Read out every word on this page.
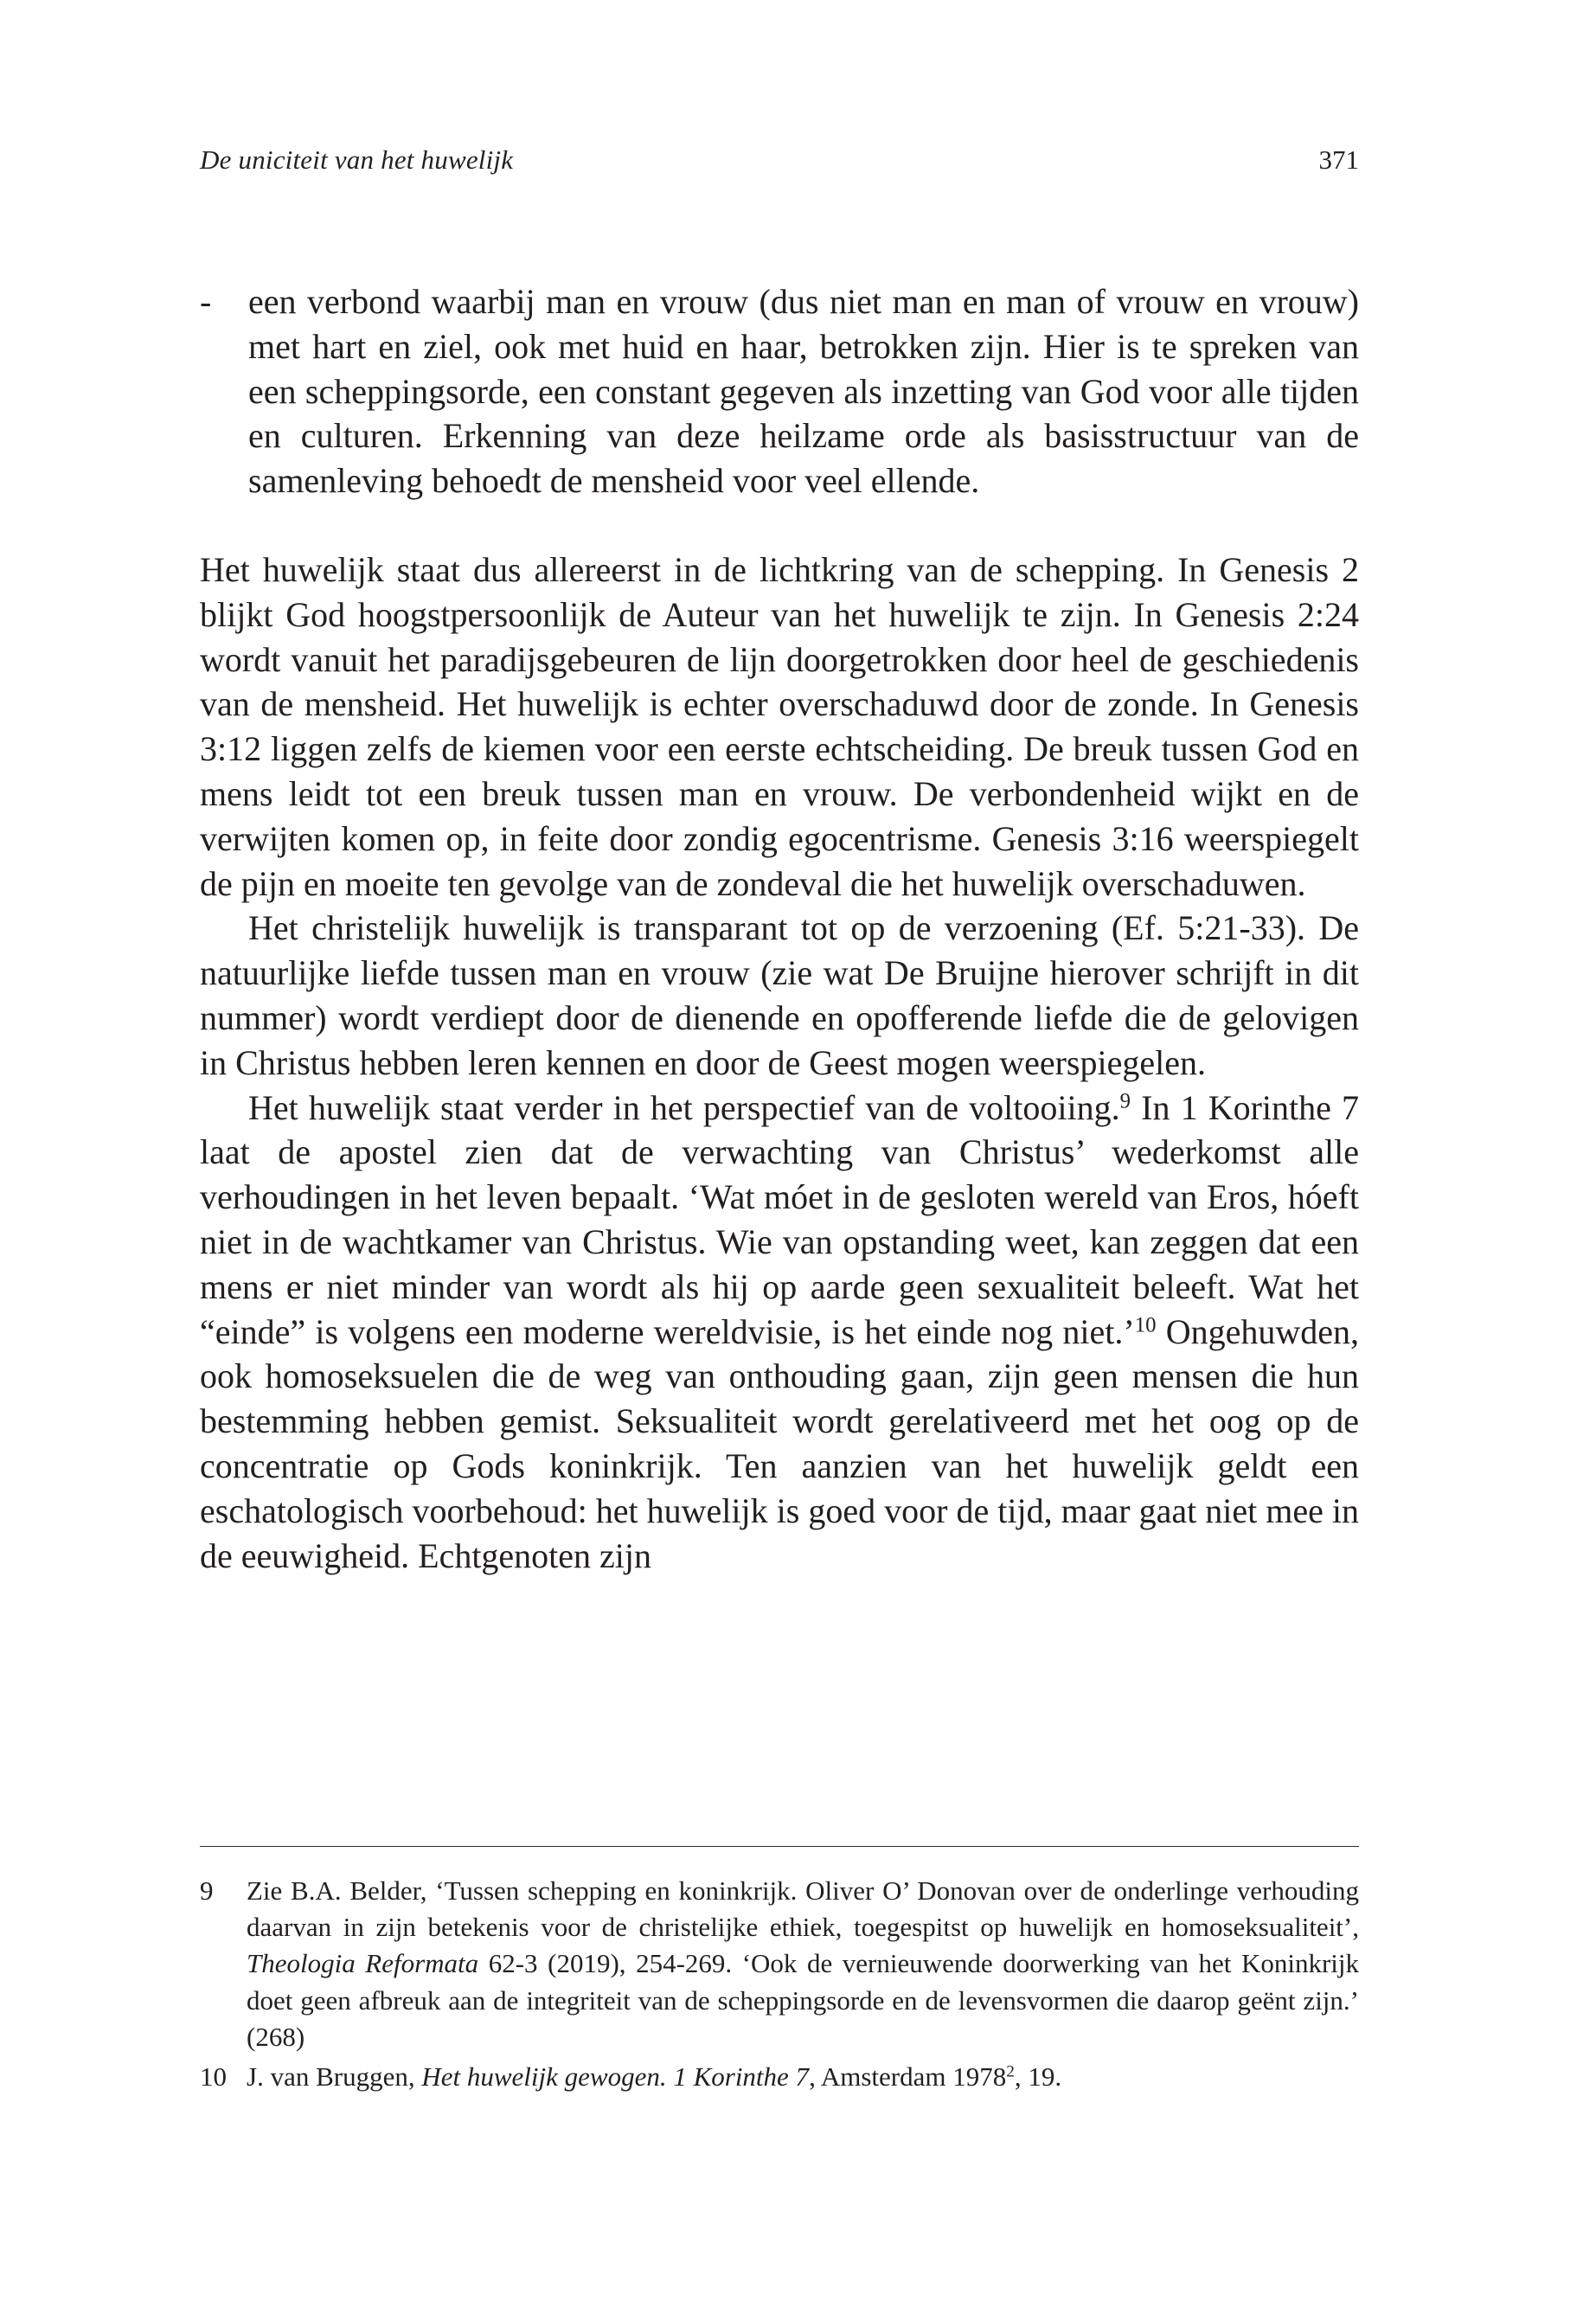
De uniciteit van het huwelijk	371

- een verbond waarbij man en vrouw (dus niet man en man of vrouw en vrouw) met hart en ziel, ook met huid en haar, betrokken zijn. Hier is te spreken van een scheppingsorde, een constant gegeven als inzetting van God voor alle tijden en culturen. Erkenning van deze heilzame orde als basisstructuur van de samenleving behoedt de mensheid voor veel ellende.

Het huwelijk staat dus allereerst in de lichtkring van de schepping. In Genesis 2 blijkt God hoogstpersoonlijk de Auteur van het huwelijk te zijn. In Genesis 2:24 wordt vanuit het paradijsgebeuren de lijn doorgetrokken door heel de geschiedenis van de mensheid. Het huwelijk is echter overschaduwd door de zonde. In Genesis 3:12 liggen zelfs de kiemen voor een eerste echtscheiding. De breuk tussen God en mens leidt tot een breuk tussen man en vrouw. De verbondenheid wijkt en de verwijten komen op, in feite door zondig egocentrisme. Genesis 3:16 weerspiegelt de pijn en moeite ten gevolge van de zondeval die het huwelijk overschaduwen.

Het christelijk huwelijk is transparant tot op de verzoening (Ef. 5:21-33). De natuurlijke liefde tussen man en vrouw (zie wat De Bruijne hierover schrijft in dit nummer) wordt verdiept door de dienende en opofferende liefde die de gelovigen in Christus hebben leren kennen en door de Geest mogen weerspiegelen.

Het huwelijk staat verder in het perspectief van de voltooiing.$^9$ In 1 Korinthe 7 laat de apostel zien dat de verwachting van Christus’ wederkomst alle verhoudingen in het leven bepaalt. ‘Wat móet in de gesloten wereld van Eros, hóeft niet in de wachtkamer van Christus. Wie van opstanding weet, kan zeggen dat een mens er niet minder van wordt als hij op aarde geen sexualiteit beleeft. Wat het “einde” is volgens een moderne wereldvisie, is het einde nog niet.’$^{10}$ Ongehuwden, ook homoseksuelen die de weg van onthouding gaan, zijn geen mensen die hun bestemming hebben gemist. Seksualiteit wordt gerelativeerd met het oog op de concentratie op Gods koninkrijk. Ten aanzien van het huwelijk geldt een eschatologisch voorbehoud: het huwelijk is goed voor de tijd, maar gaat niet mee in de eeuwigheid. Echtgenoten zijn

9	Zie B.A. Belder, ‘Tussen schepping en koninkrijk. Oliver O’ Donovan over de onderlinge verhouding daarvan in zijn betekenis voor de christelijke ethiek, toegespitst op huwelijk en homoseksualiteit’, Theologia Reformata 62-3 (2019), 254-269. ‘Ook de vernieuwende doorwerking van het Koninkrijk doet geen afbreuk aan de integriteit van de scheppingsorde en de levensvormen die daarop geënt zijn.’ (268)

10 J. van Bruggen, Het huwelijk gewogen. 1 Korinthe 7, Amsterdam 1978$^2$, 19.
